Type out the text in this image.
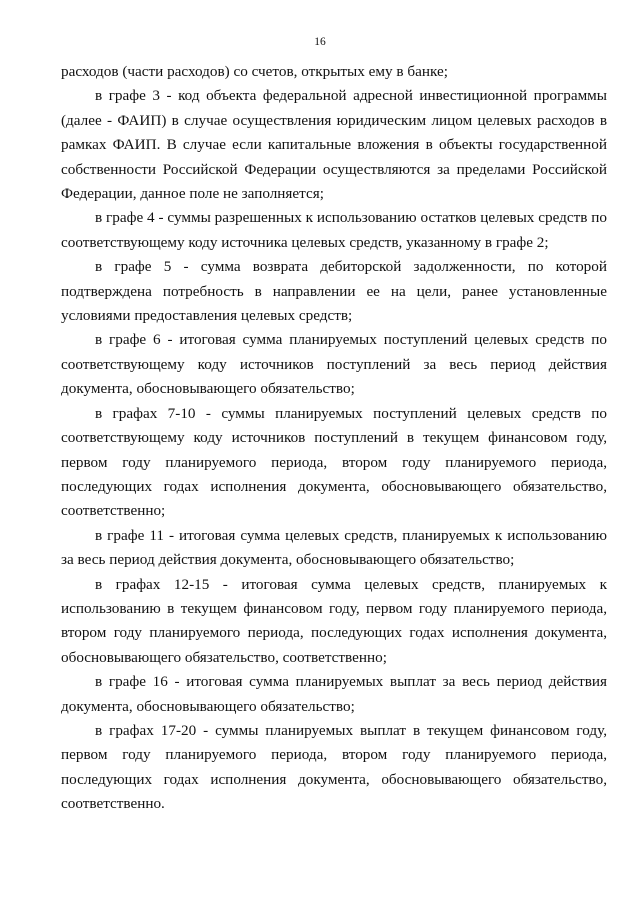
16

расходов (части расходов) со счетов, открытых ему в банке;

в графе 3 - код объекта федеральной адресной инвестиционной программы (далее - ФАИП) в случае осуществления юридическим лицом целевых расходов в рамках ФАИП. В случае если капитальные вложения в объекты государственной собственности Российской Федерации осуществляются за пределами Российской Федерации, данное поле не заполняется;

в графе 4 - суммы разрешенных к использованию остатков целевых средств по соответствующему коду источника целевых средств, указанному в графе 2;

в графе 5 - сумма возврата дебиторской задолженности, по которой подтверждена потребность в направлении ее на цели, ранее установленные условиями предоставления целевых средств;

в графе 6 - итоговая сумма планируемых поступлений целевых средств по соответствующему коду источников поступлений за весь период действия документа, обосновывающего обязательство;

в графах 7-10 - суммы планируемых поступлений целевых средств по соответствующему коду источников поступлений в текущем финансовом году, первом году планируемого периода, втором году планируемого периода, последующих годах исполнения документа, обосновывающего обязательство, соответственно;

в графе 11 - итоговая сумма целевых средств, планируемых к использованию за весь период действия документа, обосновывающего обязательство;

в графах 12-15 - итоговая сумма целевых средств, планируемых к использованию в текущем финансовом году, первом году планируемого периода, втором году планируемого периода, последующих годах исполнения документа, обосновывающего обязательство, соответственно;

в графе 16 - итоговая сумма планируемых выплат за весь период действия документа, обосновывающего обязательство;

в графах 17-20 - суммы планируемых выплат в текущем финансовом году, первом году планируемого периода, втором году планируемого периода, последующих годах исполнения документа, обосновывающего обязательство, соответственно.
